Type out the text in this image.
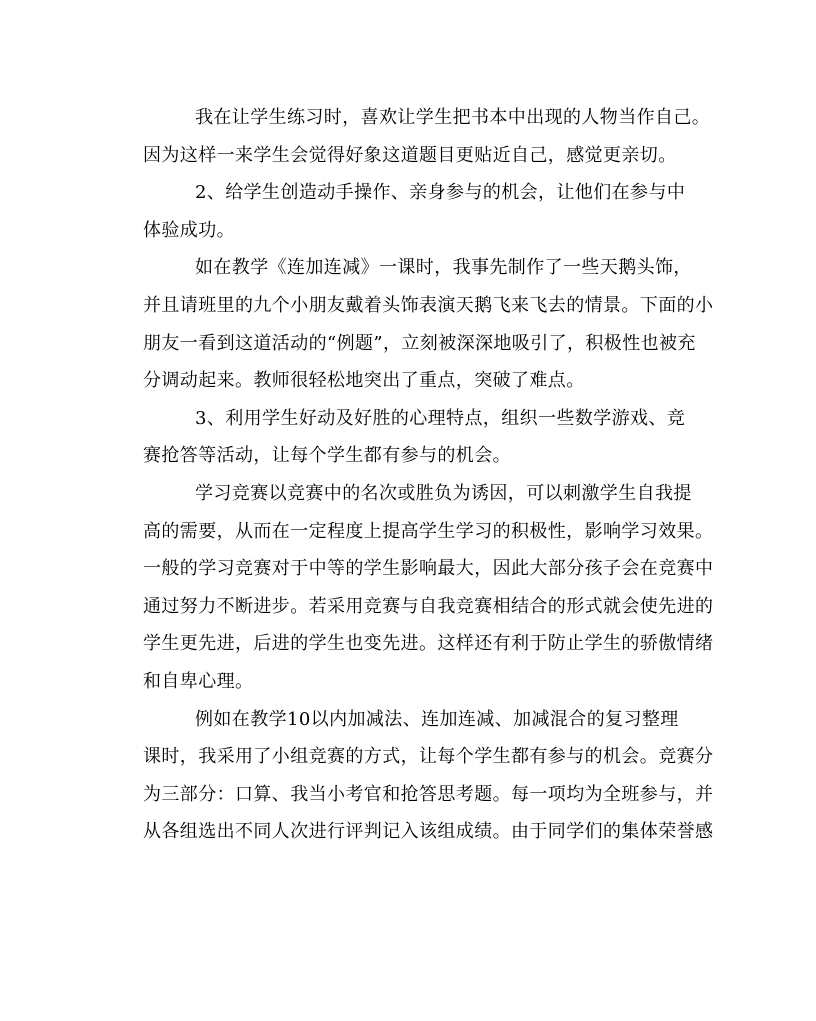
我在让学生练习时，喜欢让学生把书本中出现的人物当作自己。
因为这样一来学生会觉得好象这道题目更贴近自己，感觉更亲切。

2、给学生创造动手操作、亲身参与的机会，让他们在参与中
体验成功。

如在教学《连加连减》一课时，我事先制作了一些天鹅头饰，
并且请班里的九个小朋友戴着头饰表演天鹅飞来飞去的情景。下面的小
朋友一看到这道活动的“例题”，立刻被深深地吸引了，积极性也被充
分调动起来。教师很轻松地突出了重点，突破了难点。

3、利用学生好动及好胜的心理特点，组织一些数学游戏、竞
赛抢答等活动，让每个学生都有参与的机会。

学习竞赛以竞赛中的名次或胜负为诱因，可以刺激学生自我提
高的需要，从而在一定程度上提高学生学习的积极性，影响学习效果。
一般的学习竞赛对于中等的学生影响最大，因此大部分孩子会在竞赛中
通过努力不断进步。若采用竞赛与自我竞赛相结合的形式就会使先进的
学生更先进，后进的学生也变先进。这样还有利于防止学生的骄傲情绪
和自卑心理。

例如在教学10以内加减法、连加连减、加减混合的复习整理
课时，我采用了小组竞赛的方式，让每个学生都有参与的机会。竞赛分
为三部分：口算、我当小考官和抢答思考题。每一项均为全班参与，并
从各组选出不同人次进行评判记入该组成绩。由于同学们的集体荣誉感
